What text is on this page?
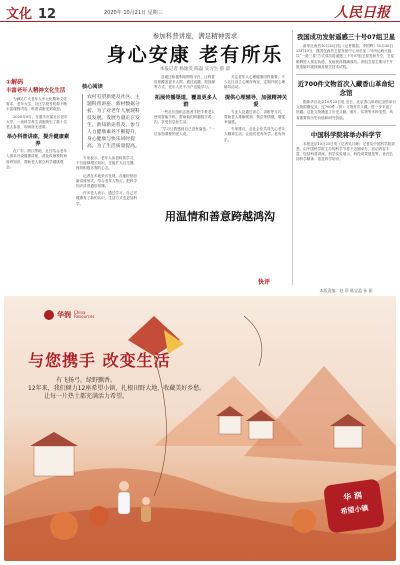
文化 12	2020年 10月21日 星期三	人民日报
参加科普讲座，满足精神需求
身心安康 老有所乐
本报记者 杨逸雯 陈磊 实习生 蔡 晨
①解码
丰富老年人精神文化生活

为满足广大老年人多元化精神文化需求，老年大学、社区学校等机构不断丰富课程内容，科普讲座受到欢迎。

2020年9月，在重庆市某社区老年大学，一场科学养生讲座吸引了数十名老人参加，现场座无虚席。

举办科普讲座，提升健康素养

在广东、浙江等地，社区结合老年人需求开设健康讲座，普及疾病预防和营养知识，帮助老人树立科学健康观念。

核心阅读
农村有望新建及社区、主题科普讲座、新材数据分析、为了对老年人展现科技发展。发展力量正在发生、新知新论普及。参与人力健康素养不断提升，身心健康与快乐同时提高，为了生活质量提高。

专家表示，老年人参加科普学习，不仅能够增长知识，还能扩大社交圈，保持积极乐观的心态。

记者在多地采访发现，各地纷纷创新讲座形式，结合老年人特点，把科学知识讲得通俗易懂。

许多老人表示，通过学习，自己对健康有了新的认识，生活方式也更加科学。

各地还积极利用网络平台，让科普讲座覆盖更多人群。通过直播、短视频等方式，老年人足不出户也能学习。

拓展传播渠道，覆盖更多人群

一些社区组织志愿者手把手教老人使用智能手机，帮助他们跨越数字鸿沟，享受信息化生活。

“学习让我感到自己没有落伍。”一位参加课程的老人说。

关注老年人心理健康同样重要。不少社区设立心理咨询室，定期开展心理辅导活动。

提供心理辅导，加强精神关爱

专业人员通过谈心、讲座等方式，帮助老人排解孤独、焦虑等情绪，增强幸福感。

专家建议，全社会应共同关心老年人精神生活，让他们老有所学、老有所乐。

用温情和善意跨越鸿沟
快评
我国成功发射遥感三十号07组卫星

新华社西昌10月26日电（记者胡喆、李国利）10月26日23时19分，我国在西昌卫星发射中心用长征二号丙运载火箭，以“一箭三星”方式成功将遥感三十号07组卫星发射升空，卫星顺利进入预定轨道，发射获得圆满成功。该组卫星主要用于开展电磁环境探测及相关技术试验。

近700件文物首次入藏香山革命纪念馆

据新华社北京10月25日电 近日，北京香山革命纪念馆举行文物捐赠仪式，近700件（套）文物首次入藏，进一步丰富了馆藏。这批文物涵盖了历史文献、照片、实物等多种类型，具有重要的历史价值和研究价值。

中国科学院将举办科学节

本报北京10月25日电（记者吴月辉）记者从中国科学院获悉，由中国科学院主办的科学节将于近期举办，活动内容丰富，包括科普讲座、科学实验展示、科技成果展览等，旨在弘扬科学精神、普及科学知识。

本版责编：赵 蓓 陈宝盈 孙 振
华润 China
Resources
与您携手 改变生活
有飞扬弓，绿野飘香。
12年来，我们倾力12座希望小镇，扎根田野大地，收藏美好乡愁。
让每一片热土都充满活力希望。
华 润
希望小镇
